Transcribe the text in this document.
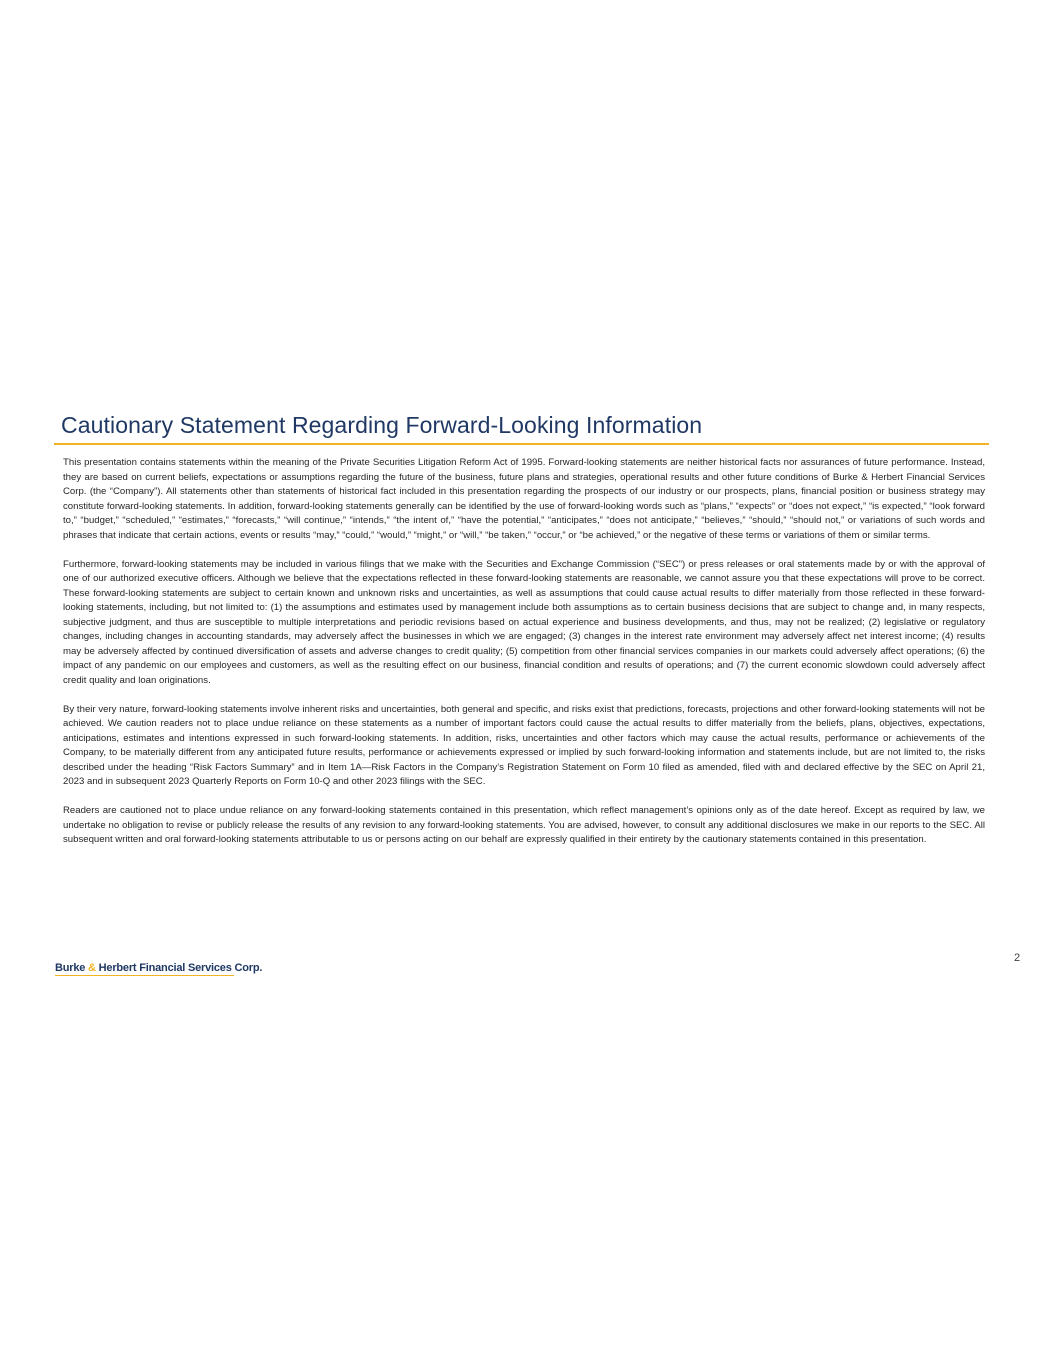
Cautionary Statement Regarding Forward-Looking Information

This presentation contains statements within the meaning of the Private Securities Litigation Reform Act of 1995. Forward-looking statements are neither historical facts nor assurances of future performance. Instead, they are based on current beliefs, expectations or assumptions regarding the future of the business, future plans and strategies, operational results and other future conditions of Burke & Herbert Financial Services Corp. (the “Company”). All statements other than statements of historical fact included in this presentation regarding the prospects of our industry or our prospects, plans, financial position or business strategy may constitute forward-looking statements. In addition, forward-looking statements generally can be identified by the use of forward-looking words such as “plans,” “expects” or “does not expect,” “is expected,” “look forward to,” “budget,” “scheduled,” “estimates,” “forecasts,” “will continue,” “intends,” “the intent of,” “have the potential,” “anticipates,” “does not anticipate,” “believes,” “should,” “should not,” or variations of such words and phrases that indicate that certain actions, events or results “may,” “could,” “would,” “might,” or “will,” “be taken,” “occur,” or “be achieved,” or the negative of these terms or variations of them or similar terms.

Furthermore, forward-looking statements may be included in various filings that we make with the Securities and Exchange Commission (“SEC”) or press releases or oral statements made by or with the approval of one of our authorized executive officers. Although we believe that the expectations reflected in these forward-looking statements are reasonable, we cannot assure you that these expectations will prove to be correct. These forward-looking statements are subject to certain known and unknown risks and uncertainties, as well as assumptions that could cause actual results to differ materially from those reflected in these forward-looking statements, including, but not limited to: (1) the assumptions and estimates used by management include both assumptions as to certain business decisions that are subject to change and, in many respects, subjective judgment, and thus are susceptible to multiple interpretations and periodic revisions based on actual experience and business developments, and thus, may not be realized; (2) legislative or regulatory changes, including changes in accounting standards, may adversely affect the businesses in which we are engaged; (3) changes in the interest rate environment may adversely affect net interest income; (4) results may be adversely affected by continued diversification of assets and adverse changes to credit quality; (5) competition from other financial services companies in our markets could adversely affect operations; (6) the impact of any pandemic on our employees and customers, as well as the resulting effect on our business, financial condition and results of operations; and (7) the current economic slowdown could adversely affect credit quality and loan originations.

By their very nature, forward-looking statements involve inherent risks and uncertainties, both general and specific, and risks exist that predictions, forecasts, projections and other forward-looking statements will not be achieved. We caution readers not to place undue reliance on these statements as a number of important factors could cause the actual results to differ materially from the beliefs, plans, objectives, expectations, anticipations, estimates and intentions expressed in such forward-looking statements. In addition, risks, uncertainties and other factors which may cause the actual results, performance or achievements of the Company, to be materially different from any anticipated future results, performance or achievements expressed or implied by such forward-looking information and statements include, but are not limited to, the risks described under the heading “Risk Factors Summary” and in Item 1A—Risk Factors in the Company’s Registration Statement on Form 10 filed as amended, filed with and declared effective by the SEC on April 21, 2023 and in subsequent 2023 Quarterly Reports on Form 10-Q and other 2023 filings with the SEC.

Readers are cautioned not to place undue reliance on any forward-looking statements contained in this presentation, which reflect management’s opinions only as of the date hereof. Except as required by law, we undertake no obligation to revise or publicly release the results of any revision to any forward-looking statements. You are advised, however, to consult any additional disclosures we make in our reports to the SEC. All subsequent written and oral forward-looking statements attributable to us or persons acting on our behalf are expressly qualified in their entirety by the cautionary statements contained in this presentation.

Burke & Herbert Financial Services Corp.
2
